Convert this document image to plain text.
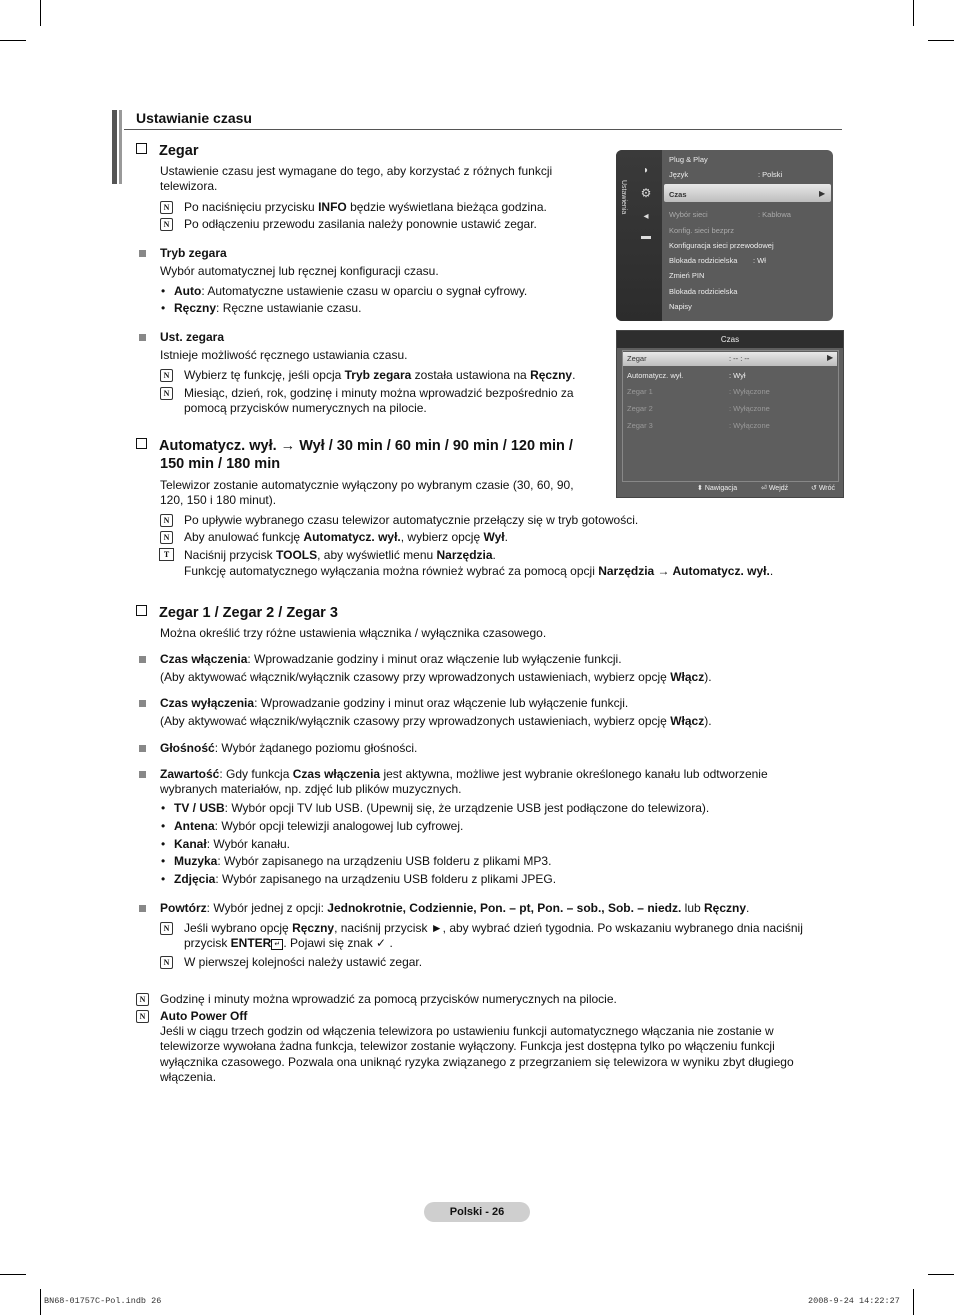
Ustawianie czasu
Zegar
Ustawienie czasu jest wymagane do tego, aby korzystać z różnych funkcji
telewizora.
N	Po naciśnięciu przycisku INFO będzie wyświetlana bieżąca godzina.
N	Po odłączeniu przewodu zasilania należy ponownie ustawić zegar.
Tryb zegara
Wybór automatycznej lub ręcznej konfiguracji czasu.
• Auto: Automatyczne ustawienie czasu w oparciu o sygnał cyfrowy.
• Ręczny: Ręczne ustawianie czasu.
Ust. zegara
Istnieje możliwość ręcznego ustawiania czasu.
N	Wybierz tę funkcję, jeśli opcja Tryb zegara została ustawiona na Ręczny.
N	Miesiąc, dzień, rok, godzinę i minuty można wprowadzić bezpośrednio za
pomocą przycisków numerycznych na pilocie.
Automatycz. wył. → Wył / 30 min / 60 min / 90 min / 120 min /
150 min / 180 min
Telewizor zostanie automatycznie wyłączony po wybranym czasie (30, 60, 90,
120, 150 i 180 minut).
N	Po upływie wybranego czasu telewizor automatycznie przełączy się w tryb gotowości.
N	Aby anulować funkcję Automatycz. wył., wybierz opcję Wył.
T	Naciśnij przycisk TOOLS, aby wyświetlić menu Narzędzia.
Funkcję automatycznego wyłączania można również wybrać za pomocą opcji Narzędzia → Automatycz. wył..
Zegar 1 / Zegar 2 / Zegar 3
Można określić trzy różne ustawienia włącznika / wyłącznika czasowego.
Czas włączenia: Wprowadzanie godziny i minut oraz włączenie lub wyłączenie funkcji.
(Aby aktywować włącznik/wyłącznik czasowy przy wprowadzonych ustawieniach, wybierz opcję Włącz).
Czas wyłączenia: Wprowadzanie godziny i minut oraz włączenie lub wyłączenie funkcji.
(Aby aktywować włącznik/wyłącznik czasowy przy wprowadzonych ustawieniach, wybierz opcję Włącz).
Głośność: Wybór żądanego poziomu głośności.
Zawartość: Gdy funkcja Czas włączenia jest aktywna, możliwe jest wybranie określonego kanału lub odtworzenie
wybranych materiałów, np. zdjęć lub plików muzycznych.
• TV / USB: Wybór opcji TV lub USB. (Upewnij się, że urządzenie USB jest podłączone do telewizora).
• Antena: Wybór opcji telewizji analogowej lub cyfrowej.
• Kanał: Wybór kanału.
• Muzyka: Wybór zapisanego na urządzeniu USB folderu z plikami MP3.
• Zdjęcia: Wybór zapisanego na urządzeniu USB folderu z plikami JPEG.
Powtórz: Wybór jednej z opcji: Jednokrotnie, Codziennie, Pon. – pt, Pon. – sob., Sob. – niedz. lub Ręczny.
N	Jeśli wybrano opcję Ręczny, naciśnij przycisk ►, aby wybrać dzień tygodnia. Po wskazaniu wybranego dnia naciśnij
przycisk ENTER ↵ . Pojawi się znak ✓ .
N	W pierwszej kolejności należy ustawić zegar.
N	Godzinę i minuty można wprowadzić za pomocą przycisków numerycznych na pilocie.
N	Auto Power Off
Jeśli w ciągu trzech godzin od włączenia telewizora po ustawieniu funkcji automatycznego włączania nie zostanie w
telewizorze wywołana żadna funkcja, telewizor zostanie wyłączony. Funkcja jest dostępna tylko po włączeniu funkcji
wyłącznika czasowego. Pozwala ona uniknąć ryzyka związanego z przegrzaniem się telewizora w wyniku zbyt długiego
włączenia.
Ustawienia
◗
⚙
◂
▬
Plug & Play
Język	: Polski
Czas	▶
Wybór sieci	: Kablowa
Konfig. sieci bezprz
Konfiguracja sieci przewodowej
Blokada rodzicielska : Wł
Zmień PIN
Blokada rodzicielska
Napisy
Czas
Zegar	: -- : --	▶
Automatycz. wył.	: Wył
Zegar 1	: Wyłączone
Zegar 2	: Wyłączone
Zegar 3	: Wyłączone
⬍ Nawigacja	⏎ Wejdź	↺ Wróć
Polski - 26
BN68-01757C-Pol.indb 26	2008-9-24 14:22:27
